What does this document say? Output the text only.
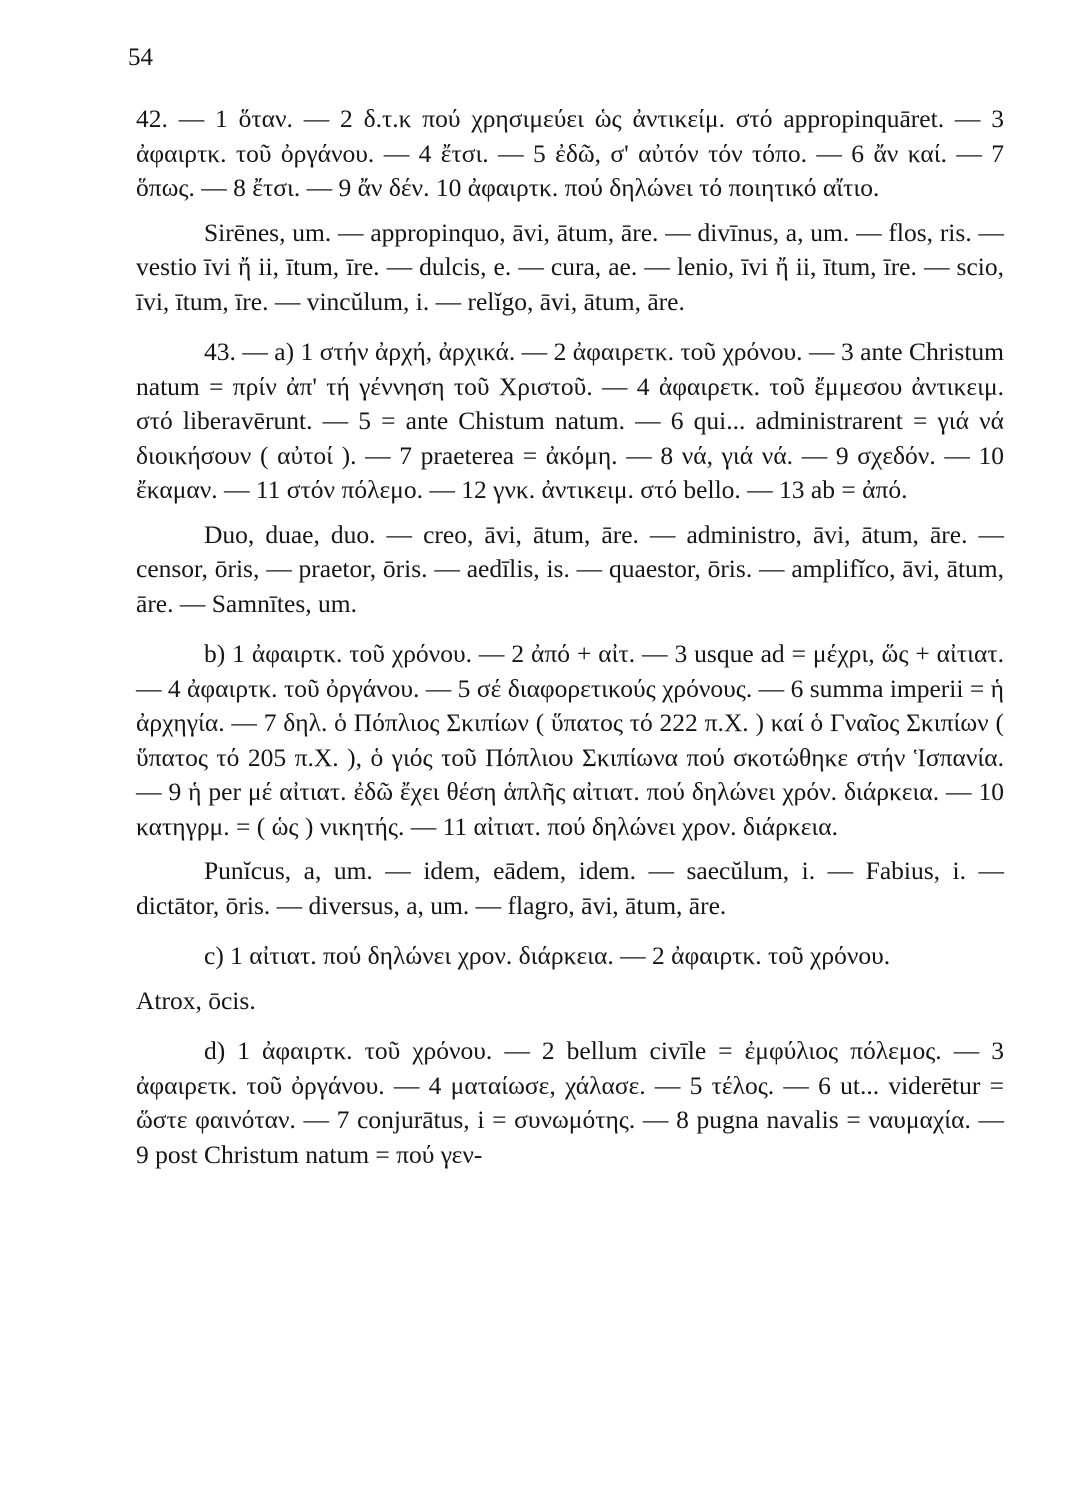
54

42. — 1 ὅταν. — 2 δ.τ.κ πού χρησιμεύει ὡς ἀντικείμ. στό appropinquāret. — 3 ἀφαιρτκ. τοῦ ὀργάνου. — 4 ἔτσι. — 5 ἐδῶ, σ' αὐτόν τόν τόπο. — 6 ἄν καί. — 7 ὅπως. — 8 ἔτσι. — 9 ἄν δέν. 10 ἀφαιρτκ. πού δηλώνει τό ποιητικό αἴτιο.

Sirēnes, um. — appropinquo, āvi, ātum, āre. — divīnus, a, um. — flos, ris. — vestio īvi ἤ ii, ītum, īre. — dulcis, e. — cura, ae. — lenio, īvi ἤ ii, ītum, īre. — scio, īvi, ītum, īre. — vincŭlum, i. — relĭgo, āvi, ātum, āre.

43. — a) 1 στήν ἀρχή, ἀρχικά. — 2 ἀφαιρετκ. τοῦ χρόνου. — 3 ante Christum natum = πρίν ἀπ' τή γέννηση τοῦ Χριστοῦ. — 4 ἀφαιρετκ. τοῦ ἔμμεσου ἀντικειμ. στό liberavērunt. — 5 = ante Chistum natum. — 6 qui... administrarent = γιά νά διοικήσουν ( αὐτοί ). — 7 praeterea = ἀκόμη. — 8 νά, γιά νά. — 9 σχεδόν. — 10 ἔκαμαν. — 11 στόν πόλεμο. — 12 γνκ. ἀντικειμ. στό bello. — 13 ab = ἀπό.

Duo, duae, duo. — creo, āvi, ātum, āre. — administro, āvi, ātum, āre. — censor, ōris, — praetor, ōris. — aedīlis, is. — quaestor, ōris. — amplifĭco, āvi, ātum, āre. — Samnītes, um.

b) 1 ἀφαιρτκ. τοῦ χρόνου. — 2 ἀπό + αἰτ. — 3 usque ad = μέχρι, ὥς + αἰτιατ. — 4 ἀφαιρτκ. τοῦ ὀργάνου. — 5 σέ διαφορετικούς χρόνους. — 6 summa imperii = ἡ ἀρχηγία. — 7 δηλ. ὁ Πόπλιος Σκιπίων ( ὕπατος τό 222 π.Χ. ) καί ὁ Γναῖος Σκιπίων ( ὕπατος τό 205 π.Χ. ), ὁ γιός τοῦ Πόπλιου Σκιπίωνα πού σκοτώθηκε στήν Ἱσπανία. — 9 ἡ per μέ αἰτιατ. ἐδῶ ἔχει θέση ἁπλῆς αἰτιατ. πού δηλώνει χρόν. διάρκεια. — 10 κατηγρμ. = ( ὡς ) νικητής. — 11 αἰτιατ. πού δηλώνει χρον. διάρκεια.

Punĭcus, a, um. — idem, eādem, idem. — saecŭlum, i. — Fabius, i. — dictātor, ōris. — diversus, a, um. — flagro, āvi, ātum, āre.

c) 1 αἰτιατ. πού δηλώνει χρον. διάρκεια. — 2 ἀφαιρτκ. τοῦ χρόνου.

Atrox, ōcis.

d) 1 ἀφαιρτκ. τοῦ χρόνου. — 2 bellum civīle = ἐμφύλιος πόλεμος. — 3 ἀφαιρετκ. τοῦ ὀργάνου. — 4 ματαίωσε, χάλασε. — 5 τέλος. — 6 ut... viderētur = ὥστε φαινόταν. — 7 conjurātus, i = συνωμότης. — 8 pugna navalis = ναυμαχία. — 9 post Christum natum = πού γεν-
